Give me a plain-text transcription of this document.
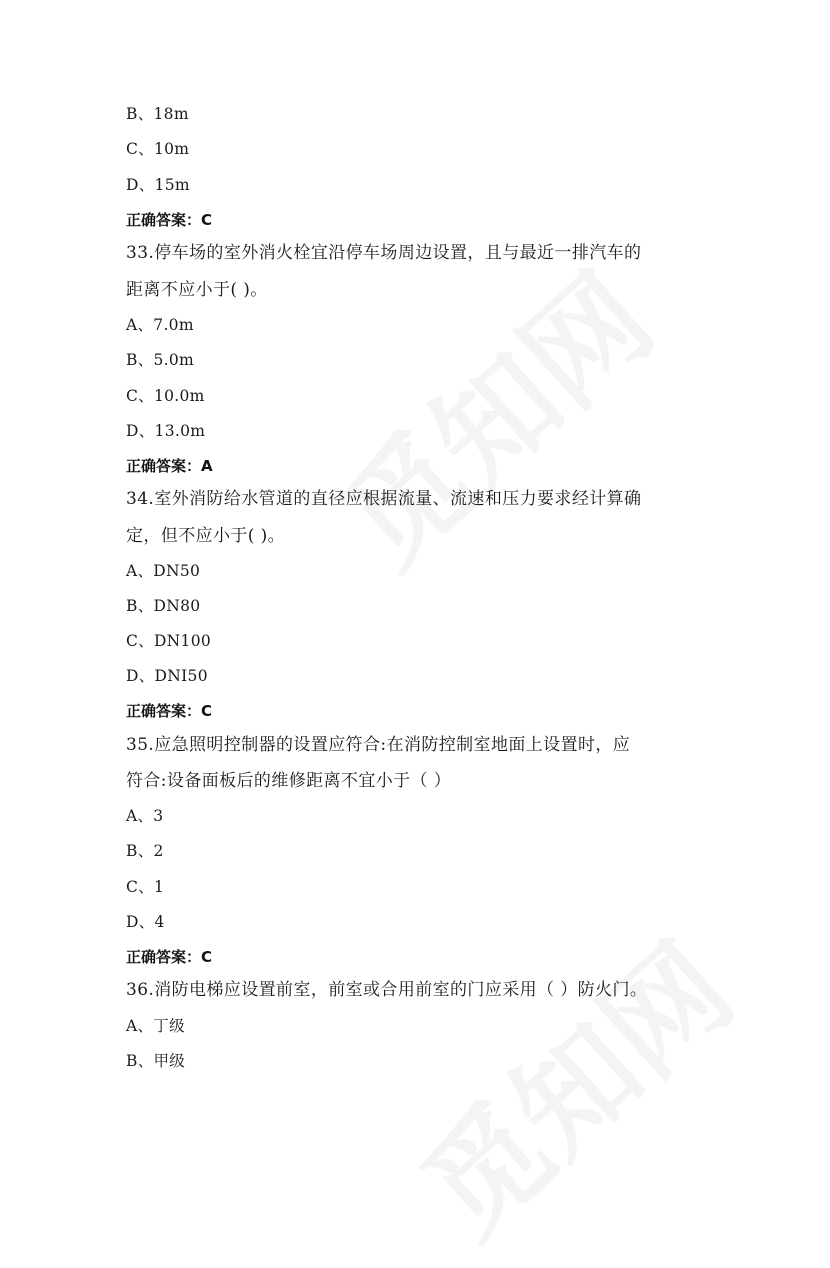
B、18m
C、10m
D、15m
正确答案：C
33.停车场的室外消火栓宜沿停车场周边设置，且与最近一排汽车的
距离不应小于( )。
A、7.0m
B、5.0m
C、10.0m
D、13.0m
正确答案：A
34.室外消防给水管道的直径应根据流量、流速和压力要求经计算确
定，但不应小于( )。
A、DN50
B、DN80
C、DN100
D、DNI50
正确答案：C
35.应急照明控制器的设置应符合:在消防控制室地面上设置时，应
符合:设备面板后的维修距离不宜小于（ ）
A、3
B、2
C、1
D、4
正确答案：C
36.消防电梯应设置前室，前室或合用前室的门应采用（ ）防火门。
A、丁级
B、甲级
